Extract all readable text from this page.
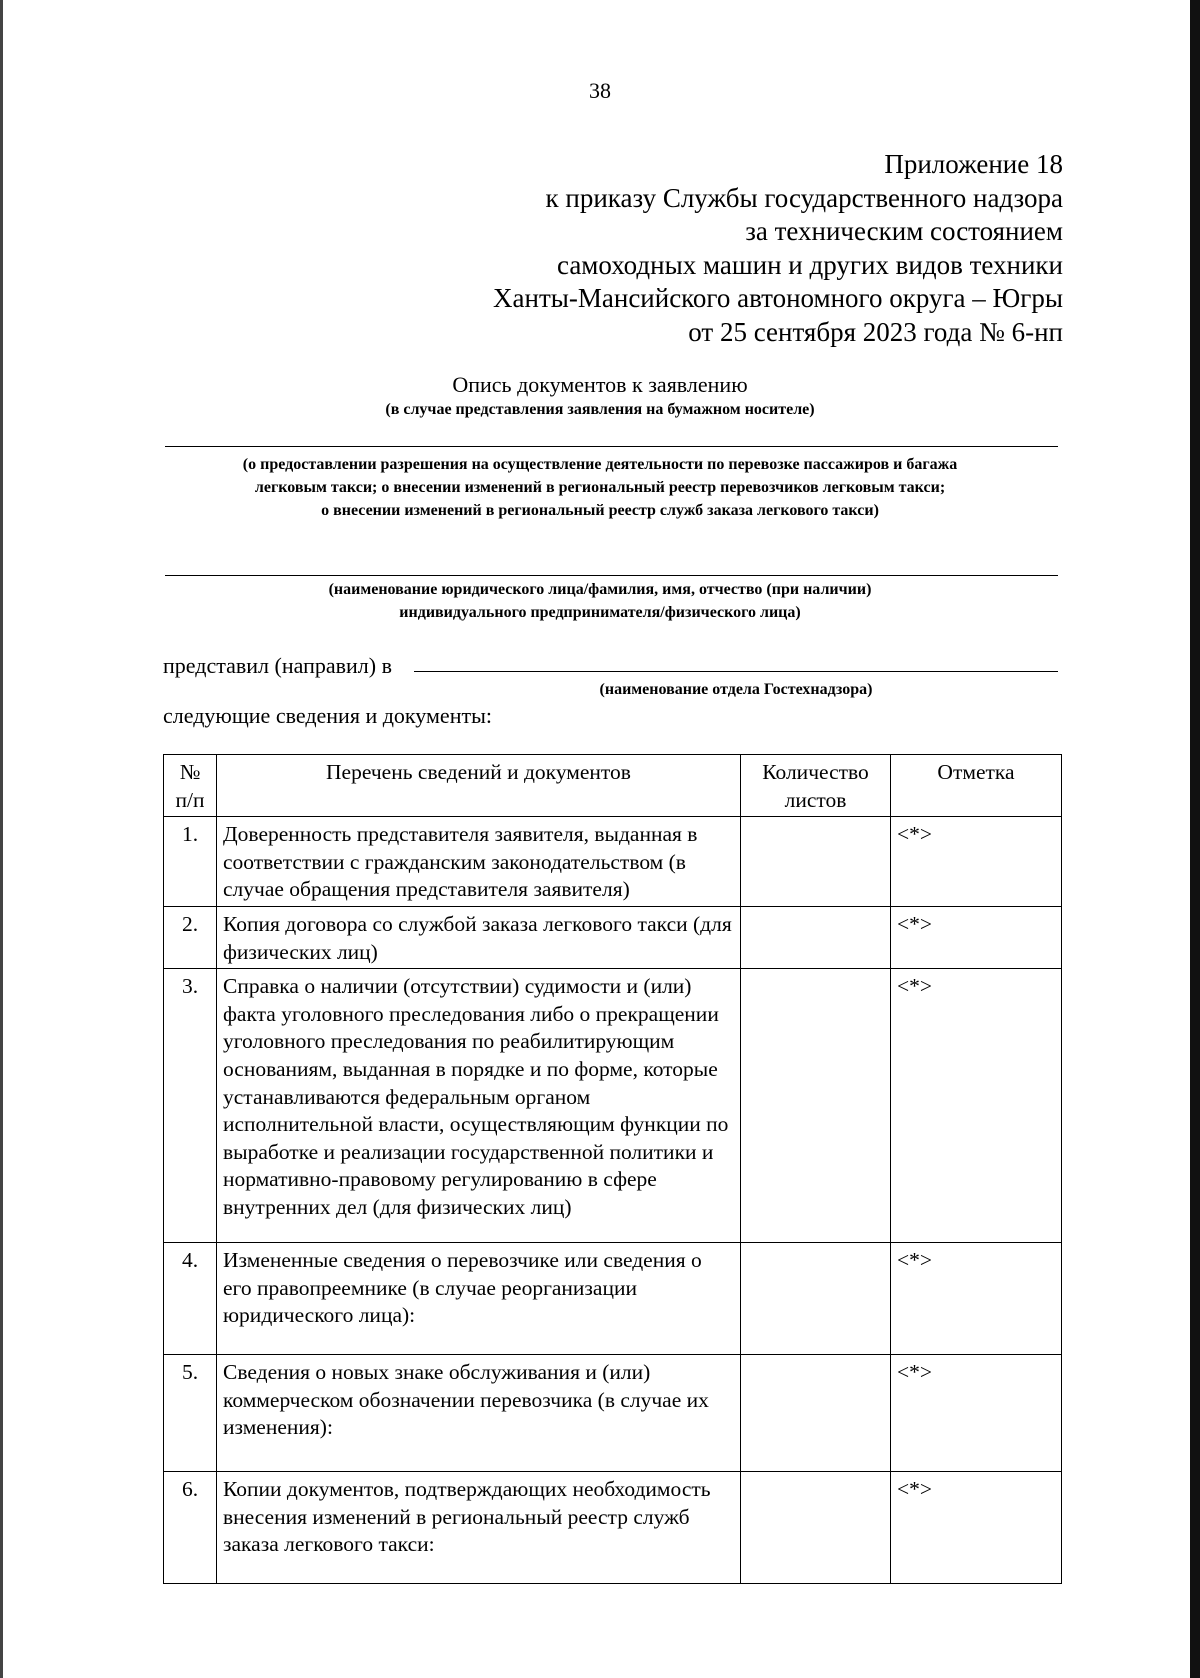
38
Приложение 18
к приказу Службы государственного надзора
за техническим состоянием
самоходных машин и других видов техники
Ханты-Мансийского автономного округа – Югры
от 25 сентября 2023 года № 6-нп
Опись документов к заявлению
(в случае представления заявления на бумажном носителе)
(о предоставлении разрешения на осуществление деятельности по перевозке пассажиров и багажа
легковым такси; о внесении изменений в региональный реестр перевозчиков легковым такси;
о внесении изменений в региональный реестр служб заказа легкового такси)
(наименование юридического лица/фамилия, имя, отчество (при наличии)
индивидуального предпринимателя/физического лица)
представил (направил) в
(наименование отдела Гостехнадзора)
следующие сведения и документы:
№ п/п	Перечень сведений и документов	Количество листов	Отметка
1.	Доверенность представителя заявителя, выданная в соответствии с гражданским законодательством (в случае обращения представителя заявителя)		<*>
2.	Копия договора со службой заказа легкового такси (для физических лиц)		<*>
3.	Справка о наличии (отсутствии) судимости и (или) факта уголовного преследования либо о прекращении уголовного преследования по реабилитирующим основаниям, выданная в порядке и по форме, которые устанавливаются федеральным органом исполнительной власти, осуществляющим функции по выработке и реализации государственной политики и нормативно-правовому регулированию в сфере внутренних дел (для физических лиц)		<*>
4.	Измененные сведения о перевозчике или сведения о его правопреемнике (в случае реорганизации юридического лица):		<*>
5.	Сведения о новых знаке обслуживания и (или) коммерческом обозначении перевозчика (в случае их изменения):		<*>
6.	Копии документов, подтверждающих необходимость внесения изменений в региональный реестр служб заказа легкового такси:		<*>
